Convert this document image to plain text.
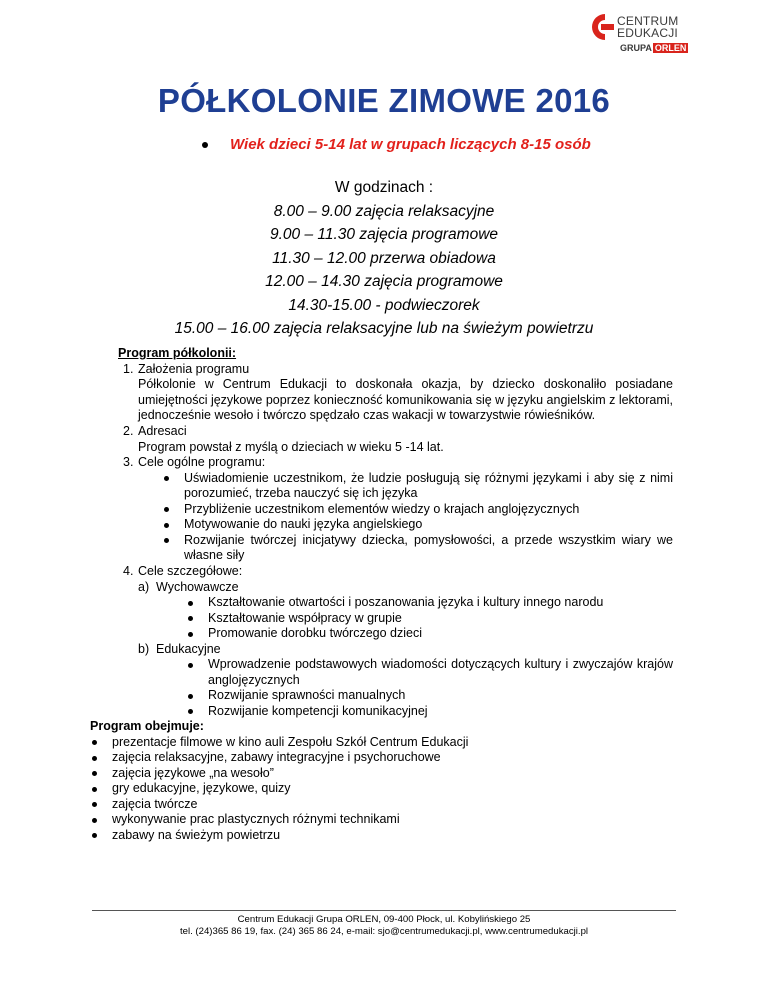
CENTRUM
EDUKACJI
GRUPA ORLEN
PÓŁKOLONIE ZIMOWE 2016
Wiek dzieci 5-14 lat w grupach liczących 8-15 osób
W godzinach :
8.00 – 9.00 zajęcia relaksacyjne
9.00 – 11.30 zajęcia programowe
11.30 – 12.00 przerwa obiadowa
12.00 – 14.30 zajęcia programowe
14.30-15.00 - podwieczorek
15.00 – 16.00 zajęcia relaksacyjne lub na świeżym powietrzu
Program półkolonii:
1. Założenia programu
Półkolonie w Centrum Edukacji to doskonała okazja, by dziecko doskonaliło posiadane umiejętności językowe poprzez konieczność komunikowania się w języku angielskim z lektorami, jednocześnie wesoło i twórczo spędzało czas wakacji w towarzystwie rówieśników.
2. Adresaci
Program powstał z myślą o dzieciach w wieku 5 -14 lat.
3. Cele ogólne programu:
Uświadomienie uczestnikom, że ludzie posługują się różnymi językami i aby się z nimi porozumieć, trzeba nauczyć się ich języka
Przybliżenie uczestnikom elementów wiedzy o krajach anglojęzycznych
Motywowanie do nauki języka angielskiego
Rozwijanie twórczej inicjatywy dziecka, pomysłowości, a przede wszystkim wiary we własne siły
4. Cele szczegółowe:
a) Wychowawcze
Kształtowanie otwartości i poszanowania języka i kultury innego narodu
Kształtowanie współpracy w grupie
Promowanie dorobku twórczego dzieci
b) Edukacyjne
Wprowadzenie podstawowych wiadomości dotyczących kultury i zwyczajów krajów anglojęzycznych
Rozwijanie sprawności manualnych
Rozwijanie kompetencji komunikacyjnej
Program obejmuje:
prezentacje filmowe w kino auli Zespołu Szkół Centrum Edukacji
zajęcia relaksacyjne, zabawy integracyjne i psychoruchowe
zajęcia językowe „na wesoło”
gry edukacyjne, językowe, quizy
zajęcia twórcze
wykonywanie prac plastycznych różnymi technikami
zabawy na świeżym powietrzu
Centrum Edukacji Grupa ORLEN, 09-400 Płock, ul. Kobylińskiego 25
tel. (24)365 86 19, fax. (24) 365 86 24, e-mail: sjo@centrumedukacji.pl, www.centrumedukacji.pl
